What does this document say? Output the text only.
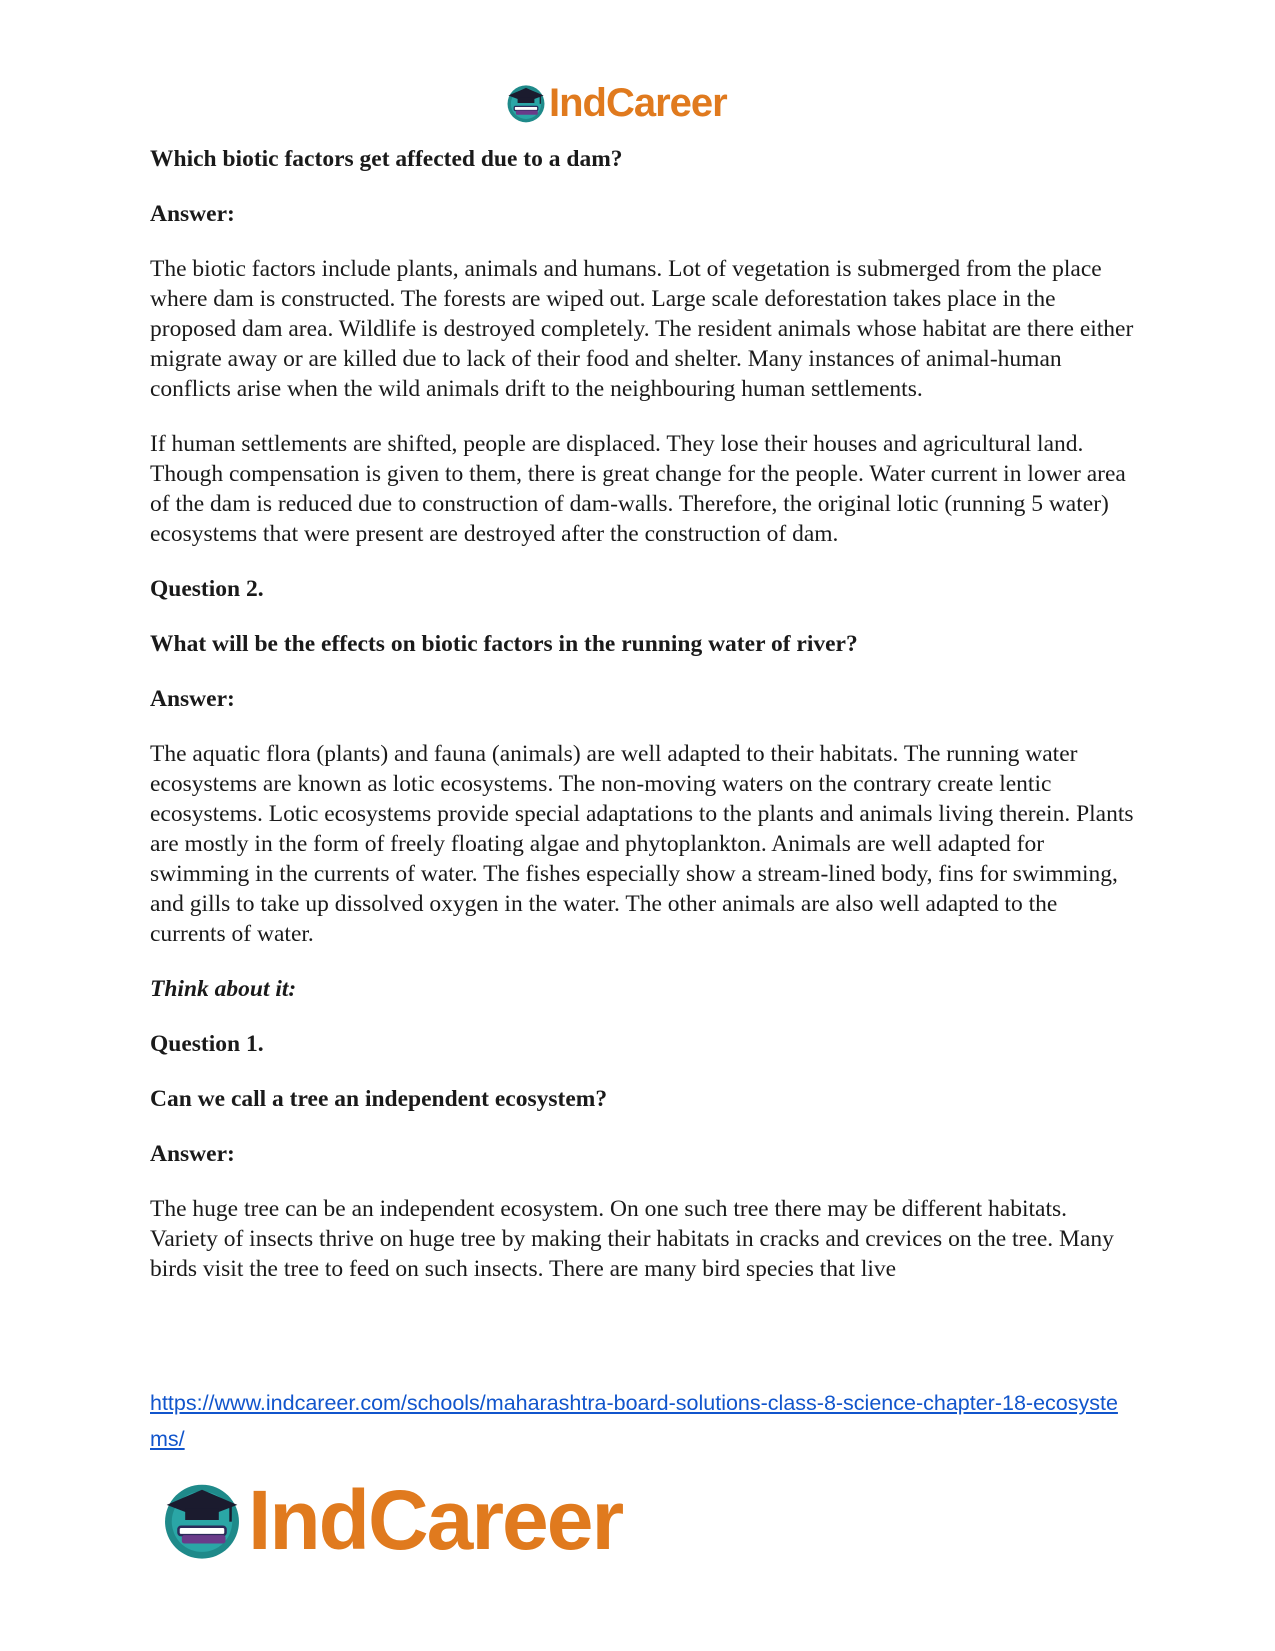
IndCareer

Which biotic factors get affected due to a dam?

Answer:

The biotic factors include plants, animals and humans. Lot of vegetation is submerged from the place where dam is constructed. The forests are wiped out. Large scale deforestation takes place in the proposed dam area. Wildlife is destroyed completely. The resident animals whose habitat are there either migrate away or are killed due to lack of their food and shelter. Many instances of animal-human conflicts arise when the wild animals drift to the neighbouring human settlements.

If human settlements are shifted, people are displaced. They lose their houses and agricultural land. Though compensation is given to them, there is great change for the people. Water current in lower area of the dam is reduced due to construction of dam-walls. Therefore, the original lotic (running 5 water) ecosystems that were present are destroyed after the construction of dam.

Question 2.

What will be the effects on biotic factors in the running water of river?

Answer:

The aquatic flora (plants) and fauna (animals) are well adapted to their habitats. The running water ecosystems are known as lotic ecosystems. The non-moving waters on the contrary create lentic ecosystems. Lotic ecosystems provide special adaptations to the plants and animals living therein. Plants are mostly in the form of freely floating algae and phytoplankton. Animals are well adapted for swimming in the currents of water. The fishes especially show a stream-lined body, fins for swimming, and gills to take up dissolved oxygen in the water. The other animals are also well adapted to the currents of water.

Think about it:

Question 1.

Can we call a tree an independent ecosystem?

Answer:

The huge tree can be an independent ecosystem. On one such tree there may be different habitats. Variety of insects thrive on huge tree by making their habitats in cracks and crevices on the tree. Many birds visit the tree to feed on such insects. There are many bird species that live

https://www.indcareer.com/schools/maharashtra-board-solutions-class-8-science-chapter-18-ecosystems/
IndCareer
